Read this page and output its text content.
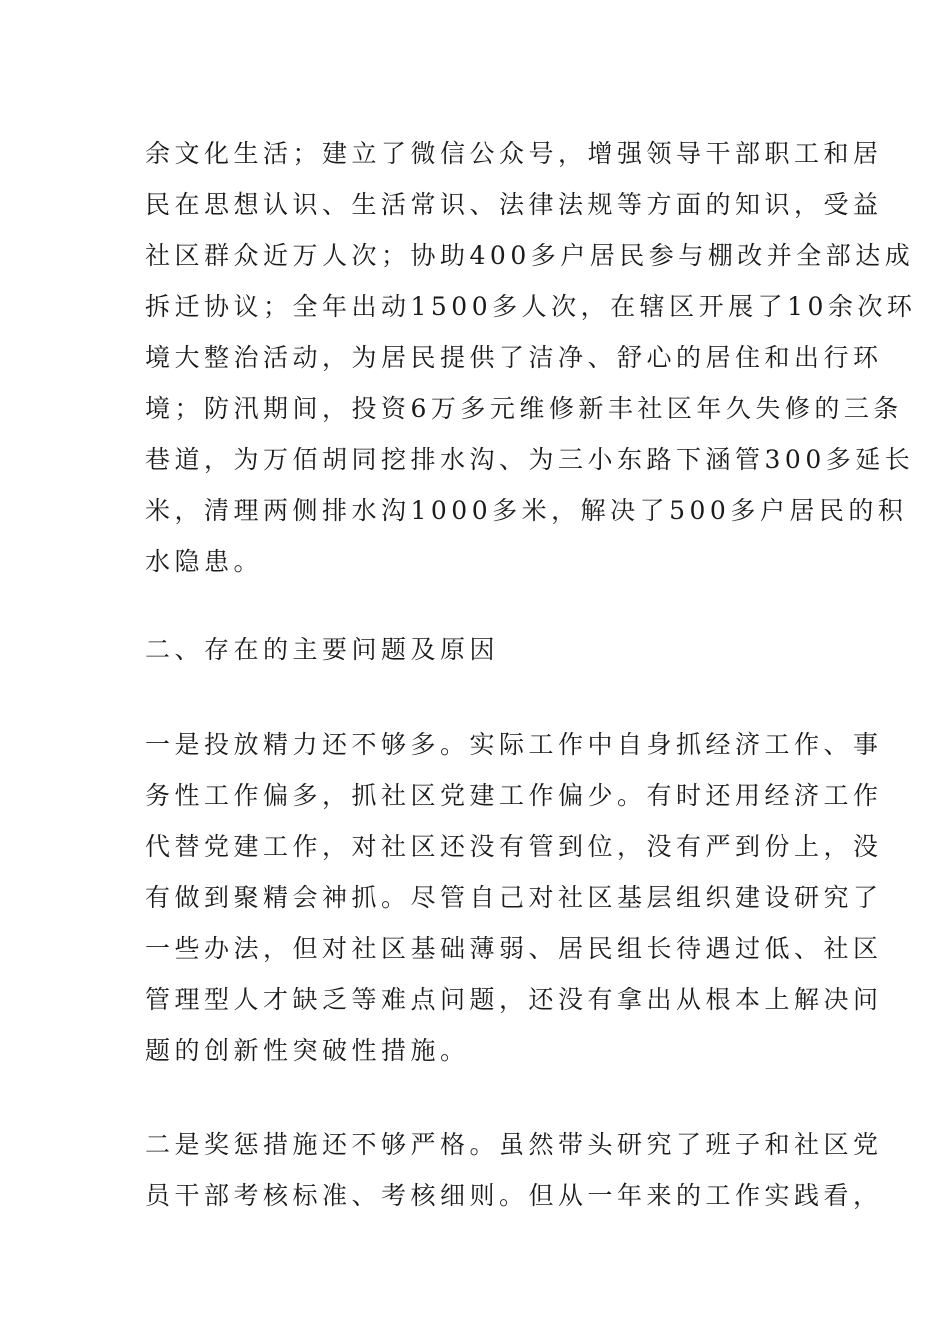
余文化生活；建立了微信公众号，增强领导干部职工和居
民在思想认识、生活常识、法律法规等方面的知识，受益
社区群众近万人次；协助400多户居民参与棚改并全部达成
拆迁协议；全年出动1500多人次，在辖区开展了10余次环
境大整治活动，为居民提供了洁净、舒心的居住和出行环
境；防汛期间，投资6万多元维修新丰社区年久失修的三条
巷道，为万佰胡同挖排水沟、为三小东路下涵管300多延长
米，清理两侧排水沟1000多米，解决了500多户居民的积
水隐患。
二、存在的主要问题及原因
一是投放精力还不够多。实际工作中自身抓经济工作、事
务性工作偏多，抓社区党建工作偏少。有时还用经济工作
代替党建工作，对社区还没有管到位，没有严到份上，没
有做到聚精会神抓。尽管自己对社区基层组织建设研究了
一些办法，但对社区基础薄弱、居民组长待遇过低、社区
管理型人才缺乏等难点问题，还没有拿出从根本上解决问
题的创新性突破性措施。
二是奖惩措施还不够严格。虽然带头研究了班子和社区党
员干部考核标准、考核细则。但从一年来的工作实践看，
